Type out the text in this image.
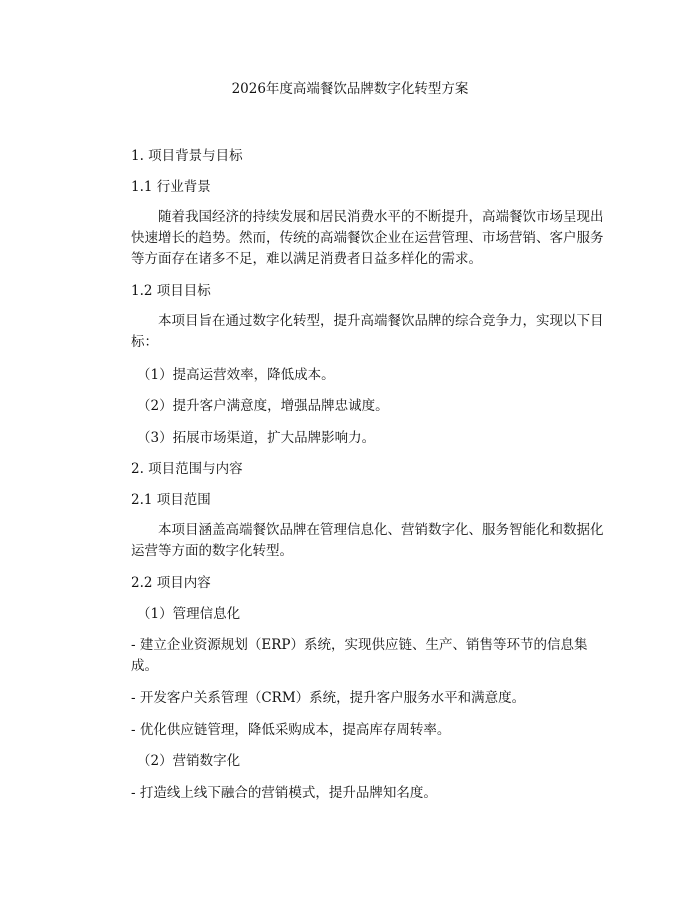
2026年度高端餐饮品牌数字化转型方案
1. 项目背景与目标
1.1 行业背景
随着我国经济的持续发展和居民消费水平的不断提升，高端餐饮市场呈现出快速增长的趋势。然而，传统的高端餐饮企业在运营管理、市场营销、客户服务等方面存在诸多不足，难以满足消费者日益多样化的需求。
1.2 项目目标
本项目旨在通过数字化转型，提升高端餐饮品牌的综合竞争力，实现以下目标：
（1）提高运营效率，降低成本。
（2）提升客户满意度，增强品牌忠诚度。
（3）拓展市场渠道，扩大品牌影响力。
2. 项目范围与内容
2.1 项目范围
本项目涵盖高端餐饮品牌在管理信息化、营销数字化、服务智能化和数据化运营等方面的数字化转型。
2.2 项目内容
（1）管理信息化
- 建立企业资源规划（ERP）系统，实现供应链、生产、销售等环节的信息集成。
- 开发客户关系管理（CRM）系统，提升客户服务水平和满意度。
- 优化供应链管理，降低采购成本，提高库存周转率。
（2）营销数字化
- 打造线上线下融合的营销模式，提升品牌知名度。
